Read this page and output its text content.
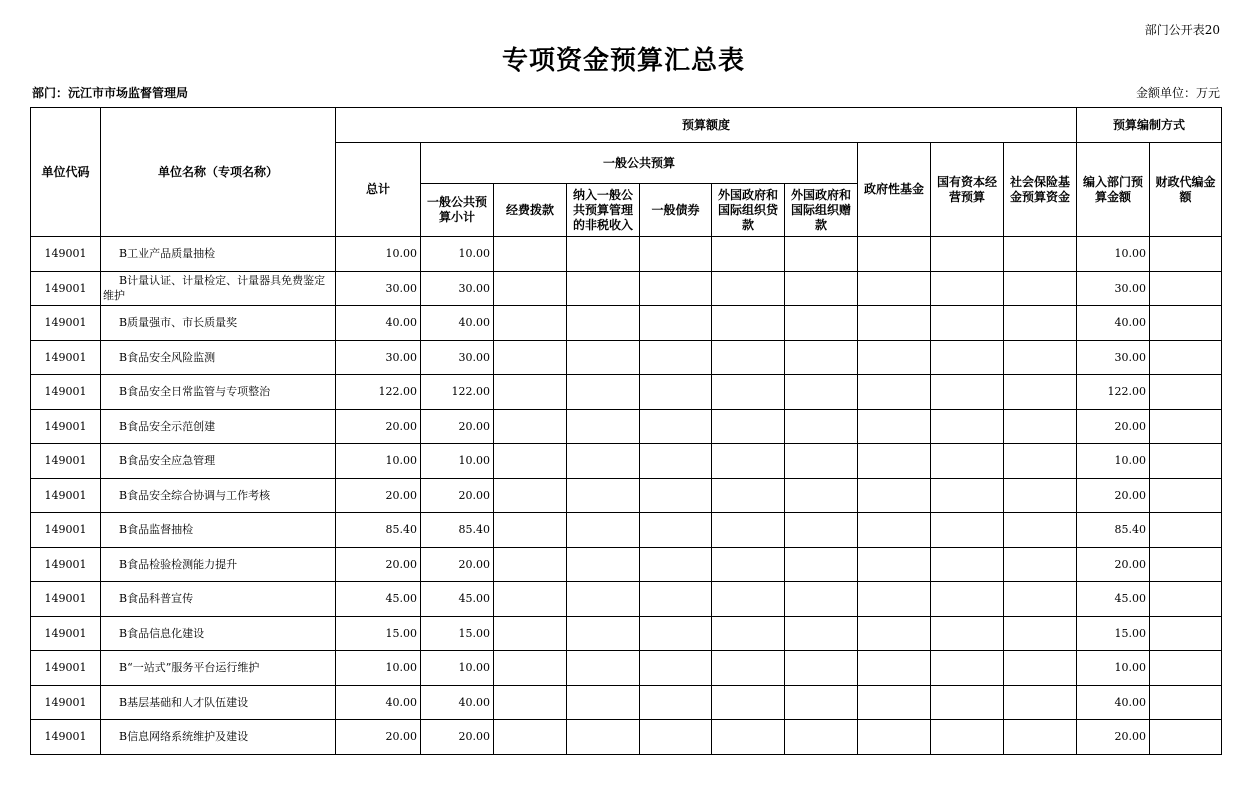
部门公开表20
专项资金预算汇总表
部门：沅江市市场监督管理局	金额单位：万元
单位代码	单位名称（专项名称）	预算额度										预算编制方式	
		总计	一般公共预算						政府性基金	国有资本经营预算	社会保险基金预算资金	编入部门预算金额	财政代编金额
			一般公共预算小计	经费拨款	纳入一般公共预算管理的非税收入	一般债券	外国政府和国际组织贷款	外国政府和国际组织赠款					
149001	B工业产品质量抽检	10.00	10.00									10.00	
149001	B计量认证、计量检定、计量器具免费鉴定维护	30.00	30.00									30.00	
149001	B质量强市、市长质量奖	40.00	40.00									40.00	
149001	B食品安全风险监测	30.00	30.00									30.00	
149001	B食品安全日常监管与专项整治	122.00	122.00									122.00	
149001	B食品安全示范创建	20.00	20.00									20.00	
149001	B食品安全应急管理	10.00	10.00									10.00	
149001	B食品安全综合协调与工作考核	20.00	20.00									20.00	
149001	B食品监督抽检	85.40	85.40									85.40	
149001	B食品检验检测能力提升	20.00	20.00									20.00	
149001	B食品科普宣传	45.00	45.00									45.00	
149001	B食品信息化建设	15.00	15.00									15.00	
149001	B“一站式”服务平台运行维护	10.00	10.00									10.00	
149001	B基层基础和人才队伍建设	40.00	40.00									40.00	
149001	B信息网络系统维护及建设	20.00	20.00									20.00	
